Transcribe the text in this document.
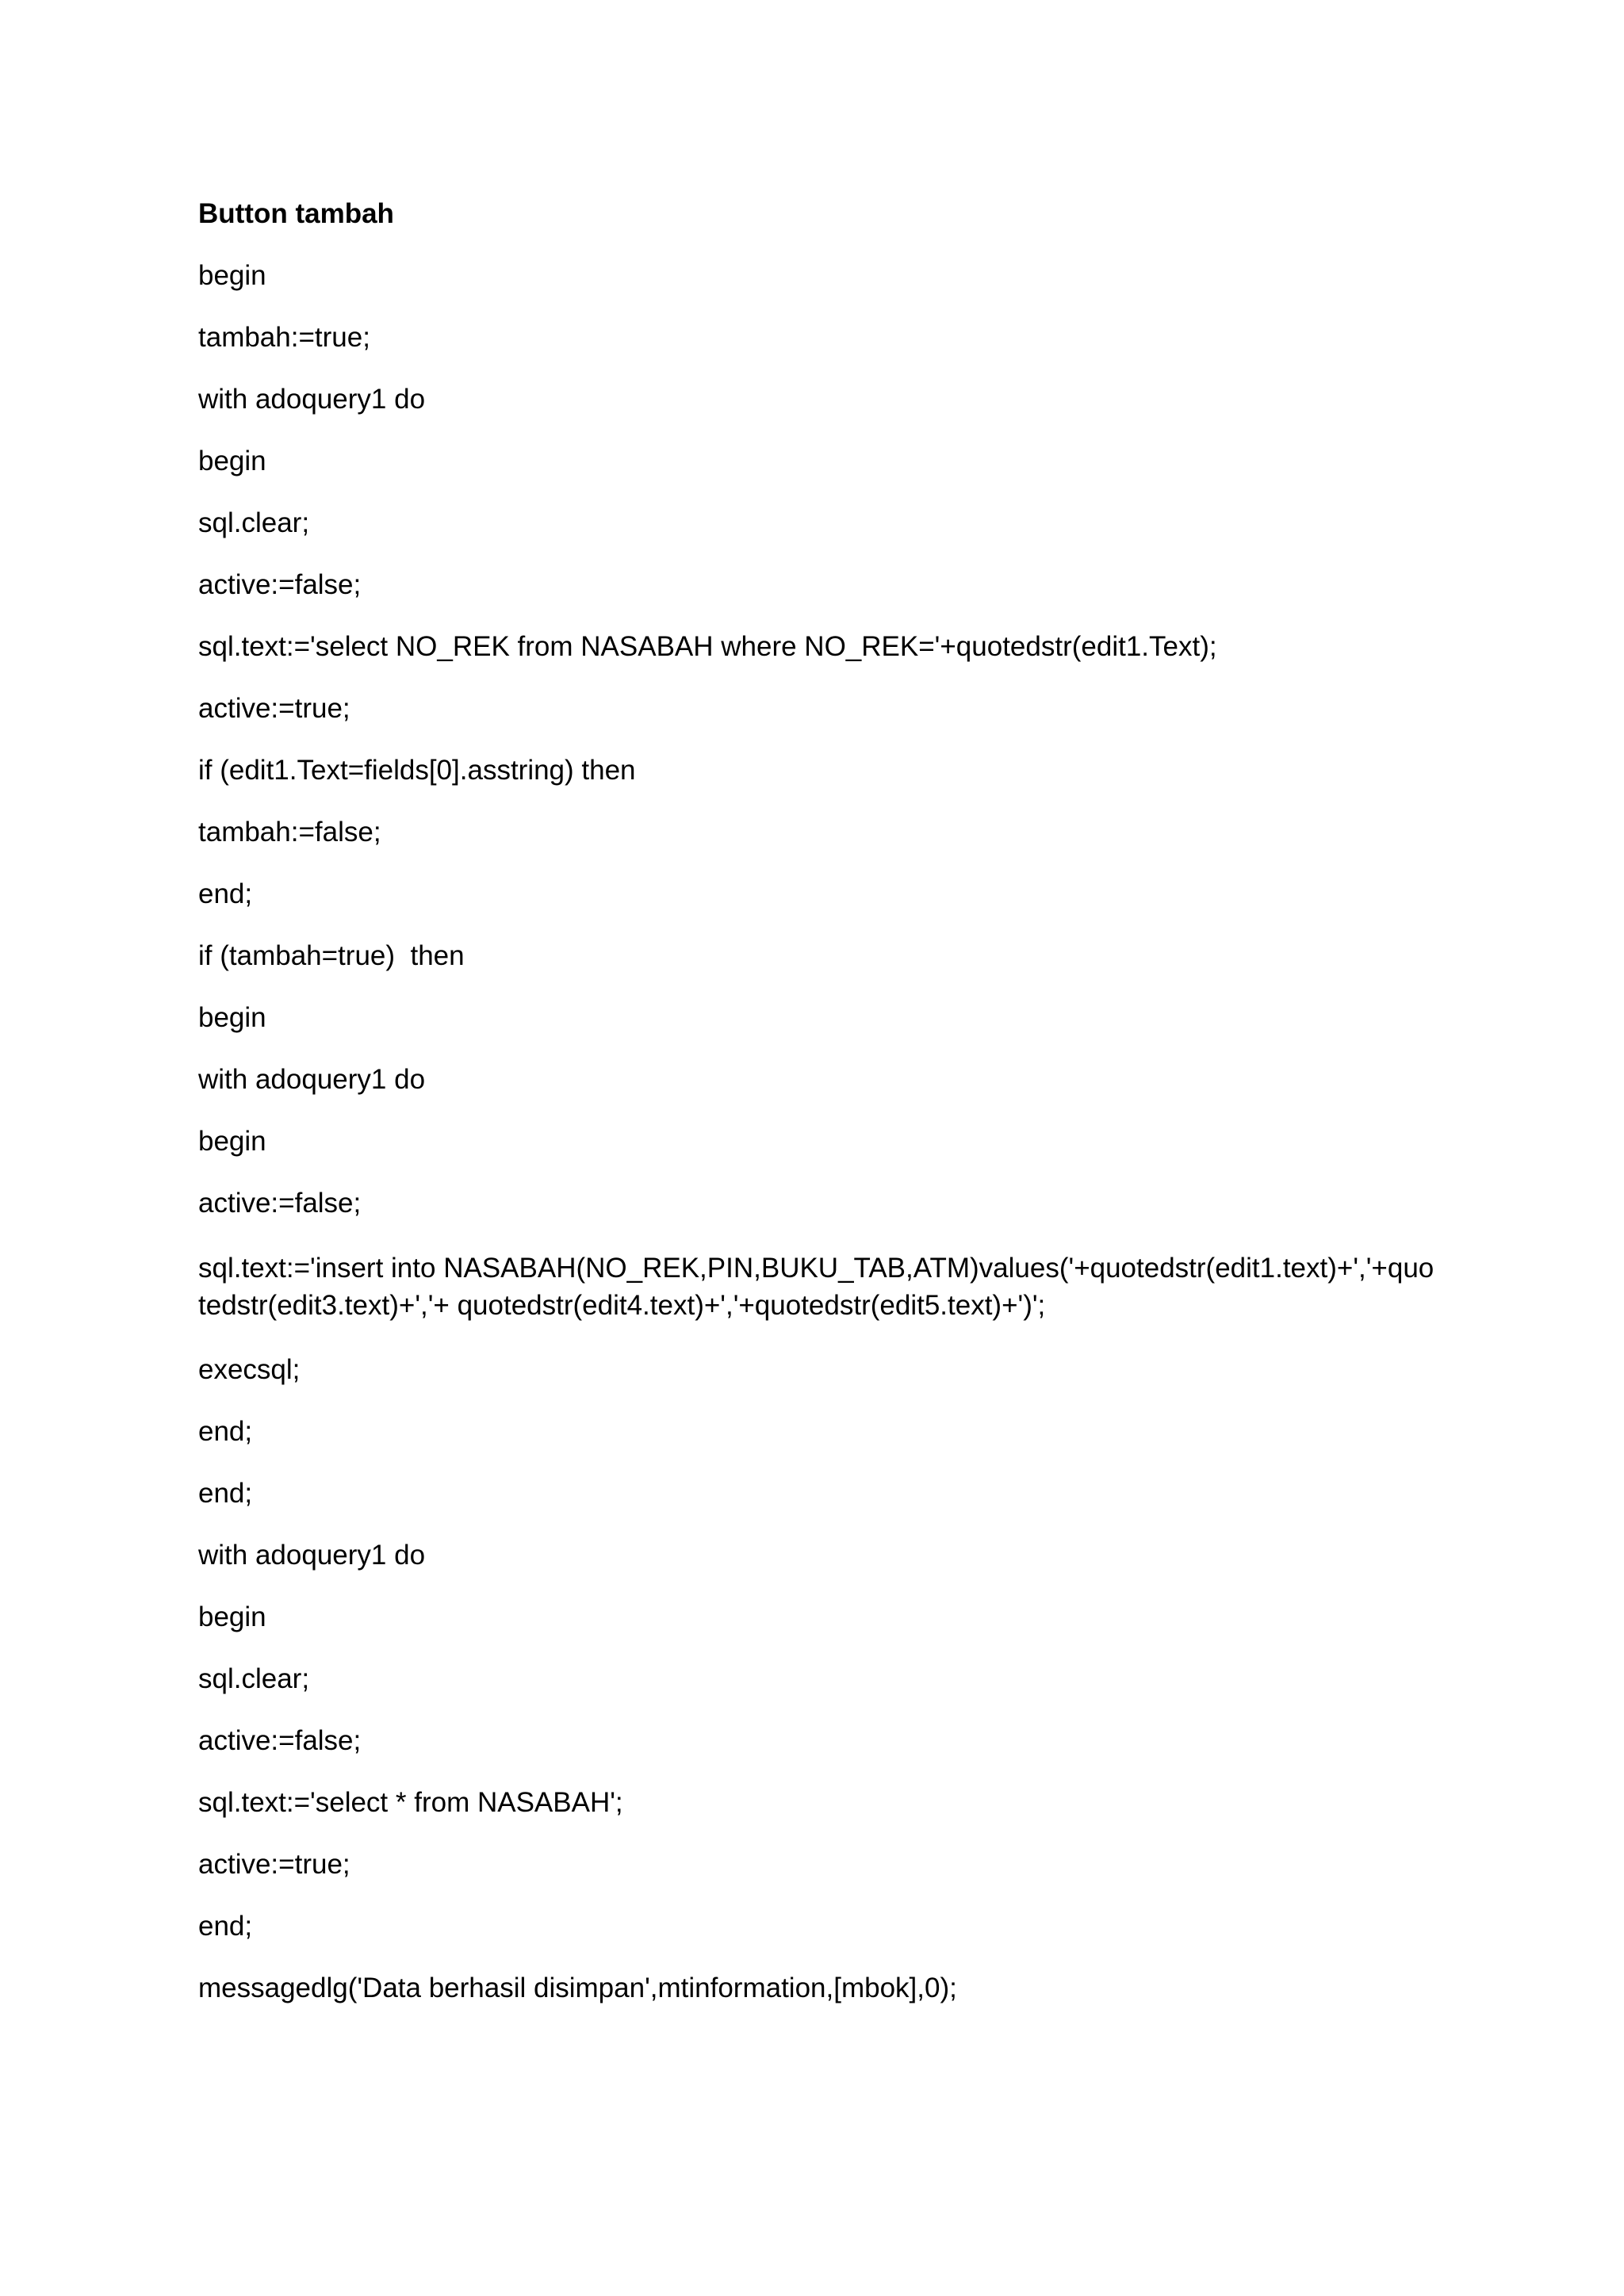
Button tambah
begin
tambah:=true;
with adoquery1 do
begin
sql.clear;
active:=false;
sql.text:='select NO_REK from NASABAH where NO_REK='+quotedstr(edit1.Text);
active:=true;
if (edit1.Text=fields[0].asstring) then
tambah:=false;
end;
if (tambah=true)  then
begin
with adoquery1 do
begin
active:=false;
sql.text:='insert into NASABAH(NO_REK,PIN,BUKU_TAB,ATM)values('+quotedstr(edit1.text)+','+quotedstr(edit3.text)+','+ quotedstr(edit4.text)+','+quotedstr(edit5.text)+')';
execsql;
end;
end;
with adoquery1 do
begin
sql.clear;
active:=false;
sql.text:='select * from NASABAH';
active:=true;
end;
messagedlg('Data berhasil disimpan',mtinformation,[mbok],0);
